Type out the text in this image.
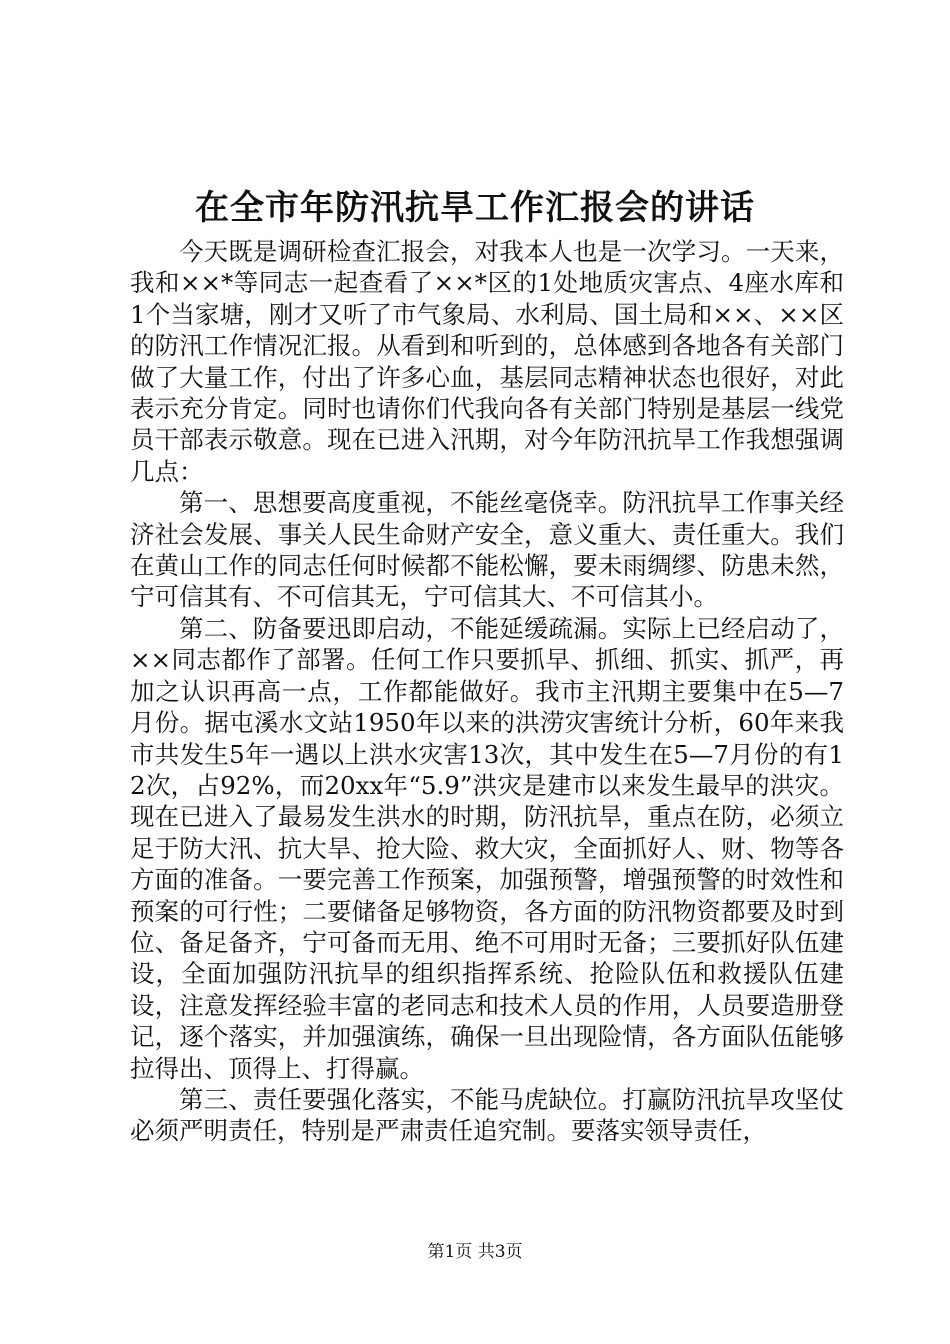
在全市年防汛抗旱工作汇报会的讲话

今天既是调研检查汇报会，对我本人也是一次学习。一天来，我和××*等同志一起查看了××*区的1处地质灾害点、4座水库和1个当家塘，刚才又听了市气象局、水利局、国土局和××、××区的防汛工作情况汇报。从看到和听到的，总体感到各地各有关部门做了大量工作，付出了许多心血，基层同志精神状态也很好，对此表示充分肯定。同时也请你们代我向各有关部门特别是基层一线党员干部表示敬意。现在已进入汛期，对今年防汛抗旱工作我想强调几点：

第一、思想要高度重视，不能丝毫侥幸。防汛抗旱工作事关经济社会发展、事关人民生命财产安全，意义重大、责任重大。我们在黄山工作的同志任何时候都不能松懈，要未雨绸缪、防患未然，宁可信其有、不可信其无，宁可信其大、不可信其小。

第二、防备要迅即启动，不能延缓疏漏。实际上已经启动了，××同志都作了部署。任何工作只要抓早、抓细、抓实、抓严，再加之认识再高一点，工作都能做好。我市主汛期主要集中在5—7月份。据屯溪水文站1950年以来的洪涝灾害统计分析，60年来我市共发生5年一遇以上洪水灾害13次，其中发生在5—7月份的有12次，占92%，而20xx年“5.9”洪灾是建市以来发生最早的洪灾。现在已进入了最易发生洪水的时期，防汛抗旱，重点在防，必须立足于防大汛、抗大旱、抢大险、救大灾，全面抓好人、财、物等各方面的准备。一要完善工作预案，加强预警，增强预警的时效性和预案的可行性；二要储备足够物资，各方面的防汛物资都要及时到位、备足备齐，宁可备而无用、绝不可用时无备；三要抓好队伍建设，全面加强防汛抗旱的组织指挥系统、抢险队伍和救援队伍建设，注意发挥经验丰富的老同志和技术人员的作用，人员要造册登记，逐个落实，并加强演练，确保一旦出现险情，各方面队伍能够拉得出、顶得上、打得赢。

第三、责任要强化落实，不能马虎缺位。打赢防汛抗旱攻坚仗必须严明责任，特别是严肃责任追究制。要落实领导责任，

第1页 共3页
